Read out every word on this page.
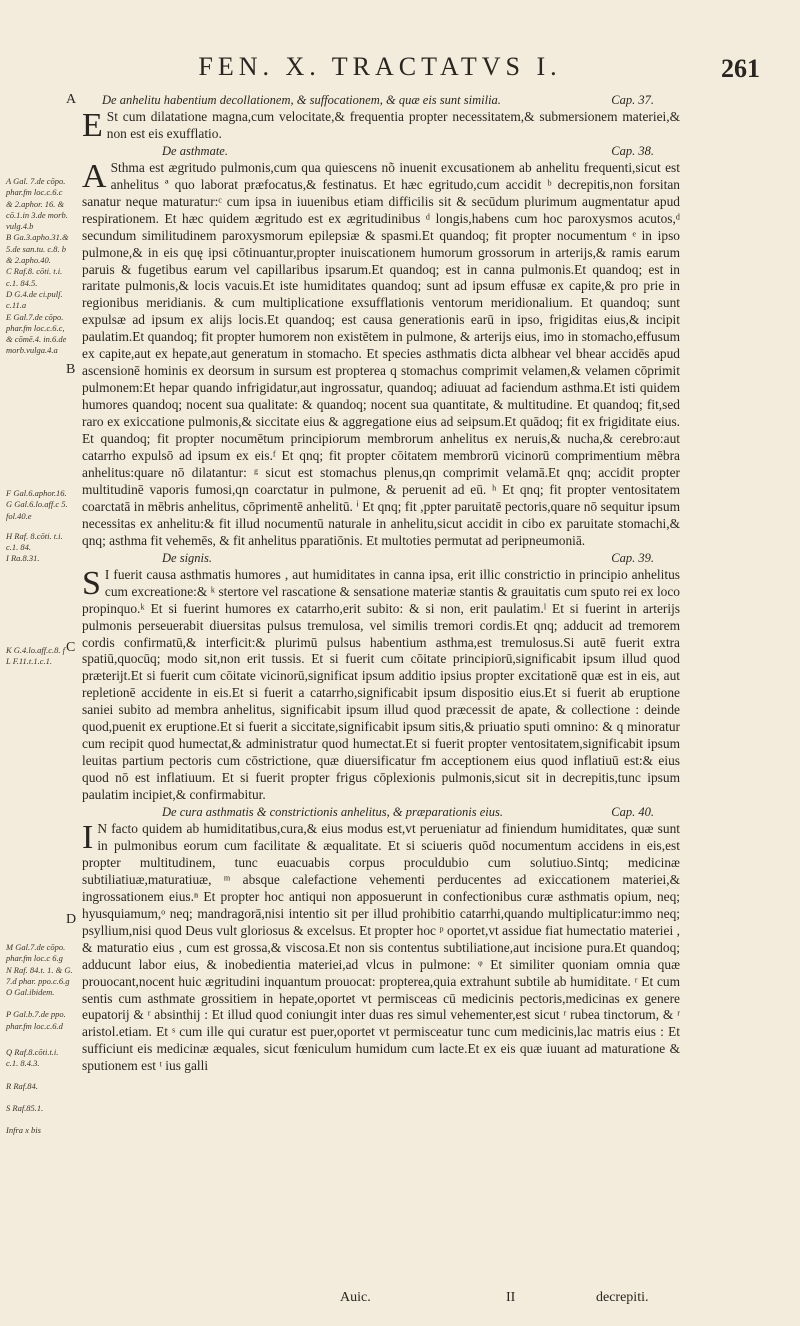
FEN. X. TRACTATVS I.	261
A
B
C
D
A Gal. 7.de cōpo.
phar.fm loc.c.6.c
& 2.aphor. 16. &
cō.1.in 3.de morb.
vulg.4.b
B Ga.3.apho.31.&
5.de san.tu. c.8. b
& 2.apho.40.
C Raf.8. cōti. t.i.
c.1. 84.5.
D G.4.de ci.pulſ.
c.11.a
E Gal.7.de cōpo.
phar.fm loc.c.6.c,
& cōmē.4. in.6.de
morb.vulga.4.a
F Gal.6.aphor.16.
G Gal.6.lo.aff.c 5.
fol.40.e
H Raf. 8.cōti. t.i.
c.1. 84.
I Ra.8.31.
K G.4.lo.aff.c.8. f
L F.11.t.1.c.1.
M Gal.7.de cōpo.
phar.fm loc.c 6.g
N Raf. 84.t. 1. & G.
7.d phar. ppo.c.6.g
O Gal.ibidem.
P Gal.b.7.de ppo.
phar.fm loc.c.6.d
Q Raf.8.cōti.t.i.
c.1. 8.4.3.
R Raf.84.
S Raf.85.1.
Infra x bis
De anhelitu habentium decollationem, & suffocationem, & quæ eis sunt similia.	Cap. 37.

E St cum dilatatione magna,cum velocitate,& frequentia propter necessitatem,& submersionem materiei,& non est eis exufflatio.

De asthmate.	Cap. 38.

A Sthma est ægritudo pulmonis,cum qua quiescens nõ inuenit excusationem ab anhelitu frequenti,sicut est anhelitus ª quo laborat præfocatus,& festinatus. Et hæc egritudo,cum accidit ᵇ decrepitis,non forsitan sanatur neque maturatur:ᶜ cum ipsa in iuuenibus etiam difficilis sit & secūdum plurimum augmentatur apud respirationem. Et hæc quidem ægritudo est ex ægritudinibus ᵈ longis,habens cum hoc paroxysmos acutos,ᵈ secundum similitudinem paroxysmorum epilepsiæ & spasmi.Et quandoq; fit propter nocumentum ᵉ in ipso pulmone,& in eis quę ipsi cōtinuantur,propter inuiscationem humorum grossorum in arterijs,& ramis earum paruis & fugetibus earum vel capillaribus ipsarum.Et quandoq; est in canna pulmonis.Et quandoq; est in raritate pulmonis,& locis vacuis.Et iste humiditates quandoq; sunt ad ipsum effusæ ex capite,& pro prie in regionibus meridianis. & cum multiplicatione exsufflationis ventorum meridionalium. Et quandoq; sunt expulsæ ad ipsum ex alijs locis.Et quandoq; est causa generationis earū in ipso, frigiditas eius,& incipit paulatim.Et quandoq; fit propter humorem non existētem in pulmone, & arterijs eius, imo in stomacho,effusum ex capite,aut ex hepate,aut generatum in stomacho. Et species asthmatis dicta albhear vel bhear accidēs apud ascensionē hominis ex deorsum in sursum est propterea q stomachus comprimit velamen,& velamen cōprimit pulmonem:Et hepar quando infrigidatur,aut ingrossatur, quandoq; adiuuat ad faciendum asthma.Et isti quidem humores quandoq; nocent sua qualitate: & quandoq; nocent sua quantitate, & multitudine. Et quandoq; fit,sed raro ex exiccatione pulmonis,& siccitate eius & aggregatione eius ad seipsum.Et quādoq; fit ex frigiditate eius. Et quandoq; fit propter nocumētum principiorum membrorum anhelitus ex neruis,& nucha,& cerebro:aut catarrho expulsō ad ipsum ex eis.ᶠ Et qnq; fit propter cōitatem membrorū vicinorū comprimentium mēbra anhelitus:quare nō dilatantur: ᵍ sicut est stomachus plenus,qn comprimit velamā.Et qnq; accidit propter multitudinē vaporis fumosi,qn coarctatur in pulmone, & peruenit ad eū. ʰ Et qnq; fit propter ventositatem coarctatā in mēbris anhelitus, cōprimentē anhelitū. ⁱ Et qnq; fit ,ppter paruitatē pectoris,quare nō sequitur ipsum necessitas ex anhelitu:& fit illud nocumentū naturale in anhelitu,sicut accidit in cibo ex paruitate stomachi,& qnq; asthma fit vehemēs, & fit anhelitus pparatiōnis. Et multoties permutat ad peripneumoniā.

De signis.	Cap. 39.

S I fuerit causa asthmatis humores , aut humiditates in canna ipsa, erit illic constrictio in principio anhelitus cum excreatione:& ᵏ stertore vel rascatione & sensatione materiæ stantis & grauitatis cum sputo rei ex loco propinquo.ᵏ Et si fuerint humores ex catarrho,erit subito: & si non, erit paulatim.ˡ Et si fuerint in arterijs pulmonis perseuerabit diuersitas pulsus tremulosa, vel similis tremori cordis.Et qnq; adducit ad tremorem cordis confirmatū,& interficit:& plurimū pulsus habentium asthma,est tremulosus.Si autē fuerit extra spatiū,quocūq; modo sit,non erit tussis. Et si fuerit cum cōitate principiorū,significabit ipsum illud quod præterijt.Et si fuerit cum cōitate vicinorū,significat ipsum additio ipsius propter excitationē quæ est in eis, aut repletionē accidente in eis.Et si fuerit a catarrho,significabit ipsum dispositio eius.Et si fuerit ab eruptione saniei subito ad membra anhelitus, significabit ipsum illud quod præcessit de apate, & collectione : deinde quod,puenit ex eruptione.Et si fuerit a siccitate,significabit ipsum sitis,& priuatio sputi omnino: & q minoratur cum recipit quod humectat,& administratur quod humectat.Et si fuerit propter ventositatem,significabit ipsum leuitas partium pectoris cum cōstrictione, quæ diuersificatur fm acceptionem eius quod inflatiuū est:& eius quod nō est inflatiuum. Et si fuerit propter frigus cōplexionis pulmonis,sicut sit in decrepitis,tunc ipsum paulatim incipiet,& confirmabitur.

De cura asthmatis & constrictionis anhelitus, & præparationis eius.	Cap. 40.

I N facto quidem ab humiditatibus,cura,& eius modus est,vt perueniatur ad finiendum humiditates, quæ sunt in pulmonibus eorum cum facilitate & æqualitate. Et si sciueris quōd nocumentum accidens in eis,est propter multitudinem, tunc euacuabis corpus proculdubio cum solutiuo.Sintq; medicinæ subtiliatiuæ,maturatiuæ, ᵐ absque calefactione vehementi perducentes ad exiccationem materiei,& ingrossationem eius.ⁿ Et propter hoc antiqui non apposuerunt in confectionibus curæ asthmatis opium, neq; hyusquiamum,ᵒ neq; mandragorā,nisi intentio sit per illud prohibitio catarrhi,quando multiplicatur:immo neq; psyllium,nisi quod Deus vult gloriosus & excelsus. Et propter hoc ᵖ oportet,vt assidue fiat humectatio materiei , & maturatio eius , cum est grossa,& viscosa.Et non sis contentus subtiliatione,aut incisione pura.Et quandoq; adducunt labor eius, & inobedientia materiei,ad vlcus in pulmone: ᵠ Et similiter quoniam omnia quæ prouocant,nocent huic ægritudini inquantum prouocat: propterea,quia extrahunt subtile ab humiditate. ʳ Et cum sentis cum asthmate grossitiem in hepate,oportet vt permisceas cū medicinis pectoris,medicinas ex genere eupatorij & ʳ absinthij : Et illud quod coniungit inter duas res simul vehementer,est sicut ʳ rubea tinctorum, & ʳ aristol.etiam. Et ˢ cum ille qui curatur est puer,oportet vt permisceatur tunc cum medicinis,lac matris eius : Et sufficiunt eis medicinæ æquales, sicut fœniculum humidum cum lacte.Et ex eis quæ iuuant ad maturatione & sputionem est ᵗ ius galli

Auic.	II	decrepiti.
